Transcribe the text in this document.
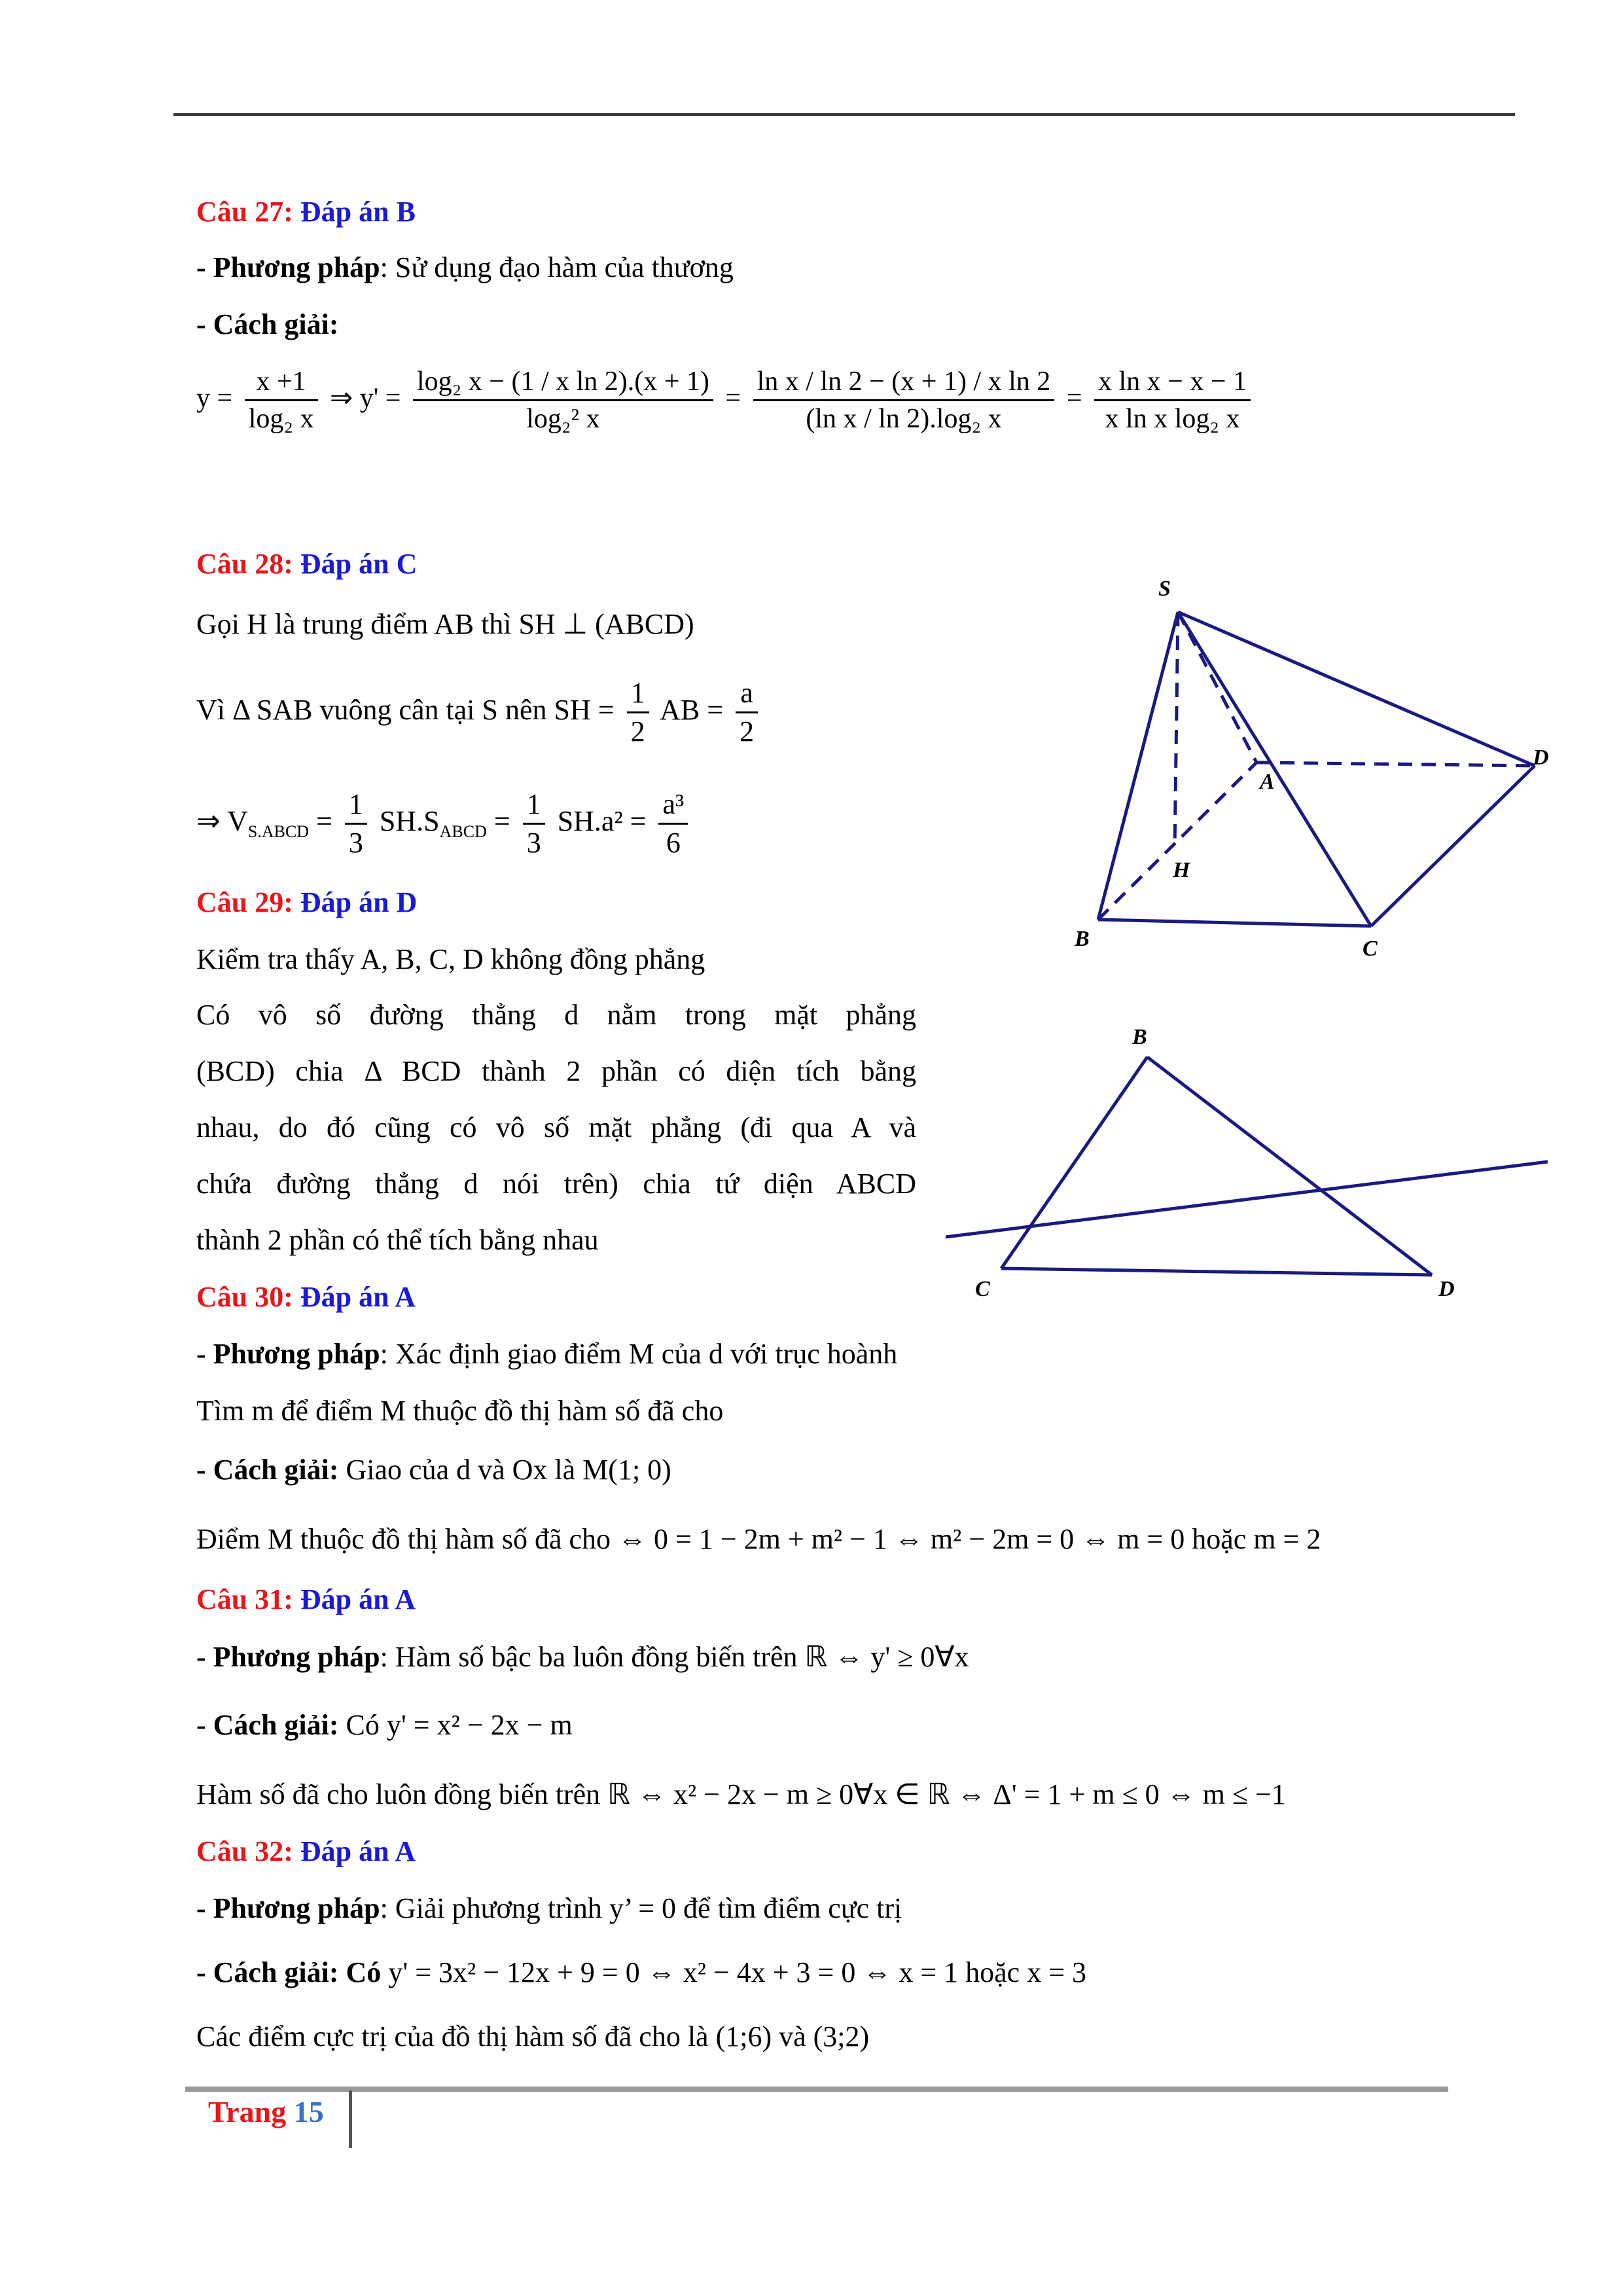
Câu 27: Đáp án B
- Phương pháp: Sử dụng đạo hàm của thương
- Cách giải:
$y = \frac{x +1}{\text{log₂ x}}$ ⇒ $y' = \frac{\text{log₂ x − (1 / x ln 2).(x + 1)}}{\text{log₂² x}} = \frac{\text{ln x / ln 2 − (x + 1) / x ln 2}}{\text{(ln x / ln 2).log₂ x}} = \frac{\text{x ln x − x − 1}}{\text{x ln x log₂ x}}$
Câu 28: Đáp án C
Gọi H là trung điểm AB thì SH ⊥ (ABCD)
Vì Δ SAB vuông cân tại S nên SH = $\frac{1}{2}$ AB = $\frac{a}{2}$
⇒ $V_{S.ABCD} = \frac{1}{3} SH.S_{ABCD} = \frac{1}{3} SH.a^2 = \frac{\text{a³}}{6}$
S
A
B	C
D
H
Câu 29: Đáp án D
Kiểm tra thấy A, B, C, D không đồng phẳng
Có vô số đường thẳng d nằm trong mặt phẳng
(BCD) chia Δ BCD thành 2 phần có diện tích bằng
nhau, do đó cũng có vô số mặt phẳng (đi qua A và
chứa đường thẳng d nói trên) chia tứ diện ABCD
thành 2 phần có thể tích bằng nhau
B
C	D
Câu 30: Đáp án A
- Phương pháp: Xác định giao điểm M của d với trục hoành
Tìm m để điểm M thuộc đồ thị hàm số đã cho
- Cách giải: Giao của d và Ox là M(1; 0)
Điểm M thuộc đồ thị hàm số đã cho ⇔ 0 = 1 − 2m + m² − 1 ⇔ m² − 2m = 0 ⇔ m = 0 hoặc m = 2
Câu 31: Đáp án A
- Phương pháp: Hàm số bậc ba luôn đồng biến trên ℝ ⇔ y' ≥ 0∀x
- Cách giải: Có y' = x² − 2x − m
Hàm số đã cho luôn đồng biến trên ℝ ⇔ x² − 2x − m ≥ 0∀x ∈ ℝ ⇔ Δ' = 1 + m ≤ 0 ⇔ m ≤ −1
Câu 32: Đáp án A
- Phương pháp: Giải phương trình y’ = 0 để tìm điểm cực trị
- Cách giải: Có y' = 3x² − 12x + 9 = 0 ⇔ x² − 4x + 3 = 0 ⇔ x = 1 hoặc x = 3
Các điểm cực trị của đồ thị hàm số đã cho là (1;6) và (3;2)
Trang 15
